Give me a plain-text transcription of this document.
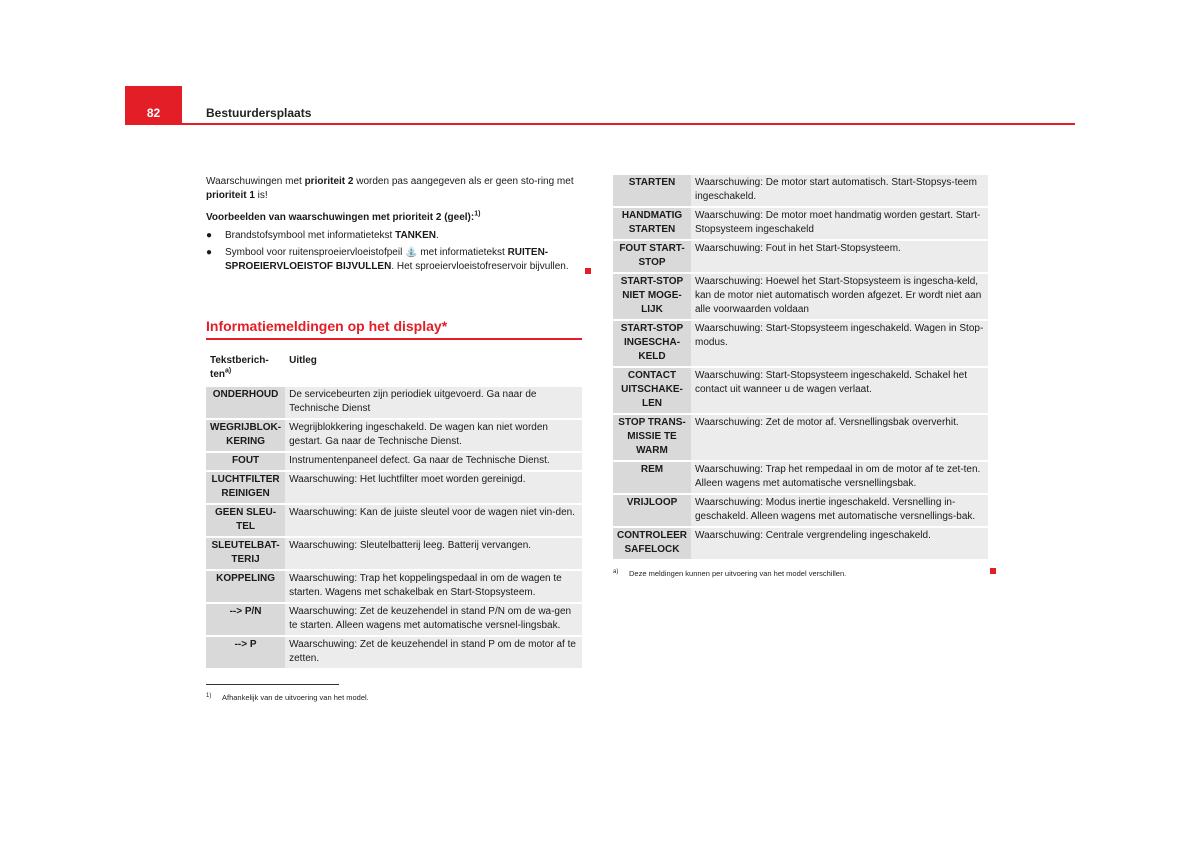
82	Bestuurdersplaats

Waarschuwingen met prioriteit 2 worden pas aangegeven als er geen sto-ring met prioriteit 1 is!

Voorbeelden van waarschuwingen met prioriteit 2 (geel):$^{1)}$

●	Brandstofsymbool met informatietekst TANKEN.
●	Symbool voor ruitensproeiervloeistofpeil ⛲ met informatietekst RUITEN-SPROEIERVLOEISTOF BIJVULLEN. Het sproeiervloeistofreservoir bijvullen.
Informatiemeldingen op het display*
Tekstberich-ten$^{a)}$	Uitleg
ONDERHOUD	De servicebeurten zijn periodiek uitgevoerd. Ga naar de Technische Dienst
WEGRIJBLOK-KERING	Wegrijblokkering ingeschakeld. De wagen kan niet worden gestart. Ga naar de Technische Dienst.
FOUT	Instrumentenpaneel defect. Ga naar de Technische Dienst.
LUCHTFILTER REINIGEN	Waarschuwing: Het luchtfilter moet worden gereinigd.
GEEN SLEU-TEL	Waarschuwing: Kan de juiste sleutel voor de wagen niet vin-den.
SLEUTELBAT-TERIJ	Waarschuwing: Sleutelbatterij leeg. Batterij vervangen.
KOPPELING	Waarschuwing: Trap het koppelingspedaal in om de wagen te starten. Wagens met schakelbak en Start-Stopsysteem.
--> P/N	Waarschuwing: Zet de keuzehendel in stand P/N om de wa-gen te starten. Alleen wagens met automatische versnel-lingsbak.
--> P	Waarschuwing: Zet de keuzehendel in stand P om de motor af te zetten.
STARTEN	Waarschuwing: De motor start automatisch. Start-Stopsys-teem ingeschakeld.
HANDMATIG STARTEN	Waarschuwing: De motor moet handmatig worden gestart. Start-Stopsysteem ingeschakeld
FOUT START-STOP	Waarschuwing: Fout in het Start-Stopsysteem.
START-STOP NIET MOGE-LIJK	Waarschuwing: Hoewel het Start-Stopsysteem is ingescha-keld, kan de motor niet automatisch worden afgezet. Er wordt niet aan alle voorwaarden voldaan
START-STOP INGESCHA-KELD	Waarschuwing: Start-Stopsysteem ingeschakeld. Wagen in Stop-modus.
CONTACT UITSCHAKE-LEN	Waarschuwing: Start-Stopsysteem ingeschakeld. Schakel het contact uit wanneer u de wagen verlaat.
STOP TRANS-MISSIE TE WARM	Waarschuwing: Zet de motor af. Versnellingsbak oververhit.
REM	Waarschuwing: Trap het rempedaal in om de motor af te zet-ten. Alleen wagens met automatische versnellingsbak.
VRIJLOOP	Waarschuwing: Modus inertie ingeschakeld. Versnelling in-geschakeld. Alleen wagens met automatische versnellings-bak.
CONTROLEER SAFELOCK	Waarschuwing: Centrale vergrendeling ingeschakeld.
a) Deze meldingen kunnen per uitvoering van het model verschillen.
1) Afhankelijk van de uitvoering van het model.
